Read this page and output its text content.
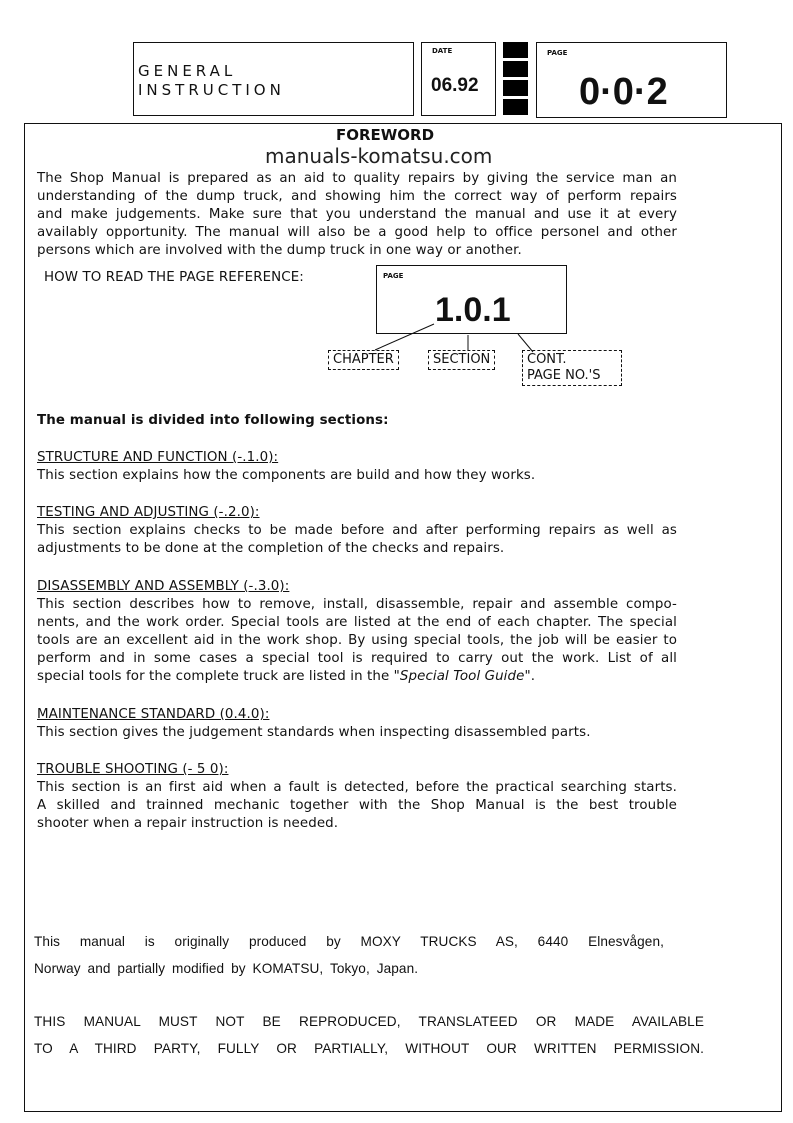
GENERAL
INSTRUCTION
DATE
06.92
PAGE
0·0·2
FOREWORD
manuals-komatsu.com
The Shop Manual is prepared as an aid to quality repairs by giving the service man an
understanding of the dump truck, and showing him the correct way of perform repairs
and make judgements. Make sure that you understand the manual and use it at every
availably opportunity. The manual will also be a good help to office personel and other
persons which are involved with the dump truck in one way or another.
HOW TO READ THE PAGE REFERENCE:	PAGE
1.0.1
CHAPTER	SECTION	CONT.
PAGE NO.'S
The manual is divided into following sections:
STRUCTURE AND FUNCTION (-.1.0):
This section explains how the components are build and how they works.
TESTING AND ADJUSTING (-.2.0):
This section explains checks to be made before and after performing repairs as well as
adjustments to be done at the completion of the checks and repairs.
DISASSEMBLY AND ASSEMBLY (-.3.0):
This section describes how to remove, install, disassemble, repair and assemble compo-
nents, and the work order. Special tools are listed at the end of each chapter. The special
tools are an excellent aid in the work shop. By using special tools, the job will be easier to
perform and in some cases a special tool is required to carry out the work. List of all
special tools for the complete truck are listed in the "Special Tool Guide".
MAINTENANCE STANDARD (0.4.0):
This section gives the judgement standards when inspecting disassembled parts.
TROUBLE SHOOTING (- 5 0):
This section is an first aid when a fault is detected, before the practical searching starts.
A skilled and trainned mechanic together with the Shop Manual is the best trouble
shooter when a repair instruction is needed.
This manual is originally produced by MOXY TRUCKS AS, 6440 Elnesvågen,
Norway and partially modified by KOMATSU, Tokyo, Japan.
THIS MANUAL MUST NOT BE REPRODUCED, TRANSLATEED OR MADE AVAILABLE
TO A THIRD PARTY, FULLY OR PARTIALLY, WITHOUT OUR WRITTEN PERMISSION.
